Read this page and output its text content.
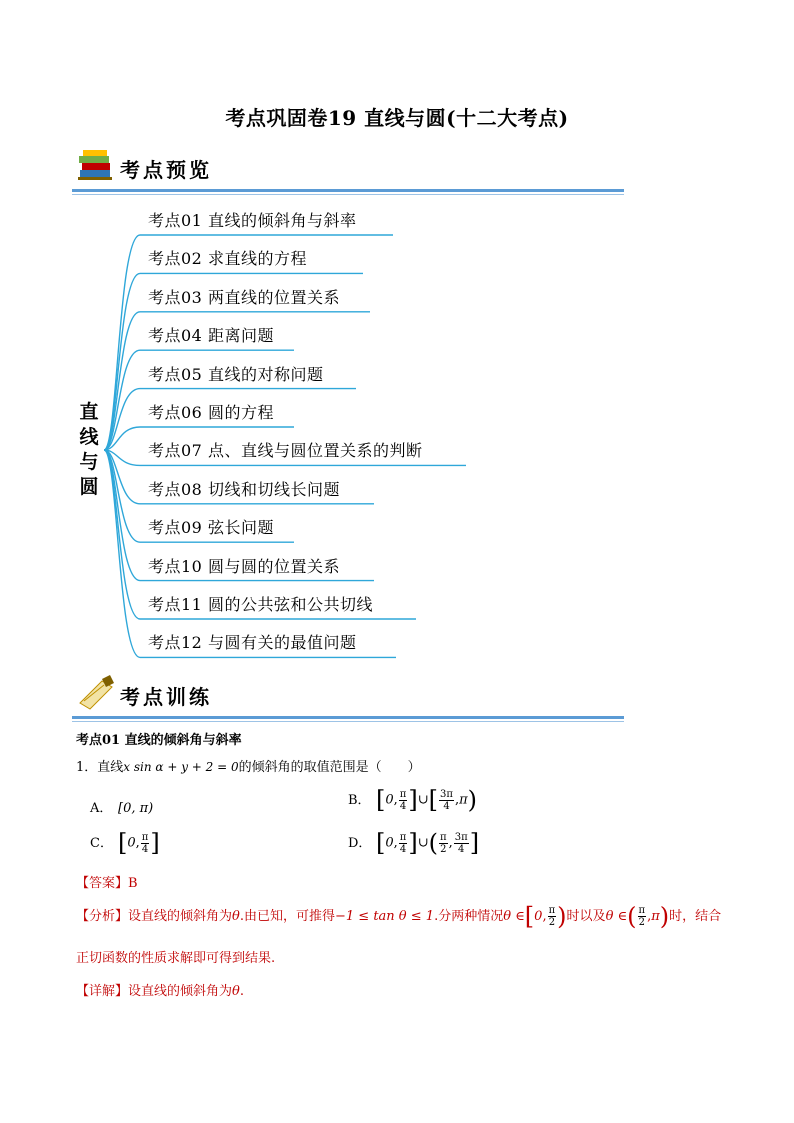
考点巩固卷19 直线与圆(十二大考点)
考点预览
直线与圆
考点01 直线的倾斜角与斜率
考点02 求直线的方程
考点03 两直线的位置关系
考点04 距离问题
考点05 直线的对称问题
考点06 圆的方程
考点07 点、直线与圆位置关系的判断
考点08 切线和切线长问题
考点09 弦长问题
考点10 圆与圆的位置关系
考点11 圆的公共弦和公共切线
考点12 与圆有关的最值问题
考点训练
考点01 直线的倾斜角与斜率
1．直线x sin α + y + 2 = 0的倾斜角的取值范围是（　　）
A． [0, π)
B． [0, $\frac{\pi}{4}$ ]∪[ $\frac{3\pi}{4} ,\pi$)
C． [0, $\frac{\pi}{4}$ ]	D． [0, $\frac{\pi}{4}$ ]∪( $\frac{\pi}{2}$ , $\frac{3\pi}{4}$ ]
【答案】B
【分析】设直线的倾斜角为θ.由已知，可推得−1 ≤ tan θ ≤ 1.分两种情况θ ∈[0, $\frac{\pi}{2}$ )时以及θ ∈( $\frac{\pi}{2} ,\pi$)时，结合
正切函数的性质求解即可得到结果.
【详解】设直线的倾斜角为θ.
